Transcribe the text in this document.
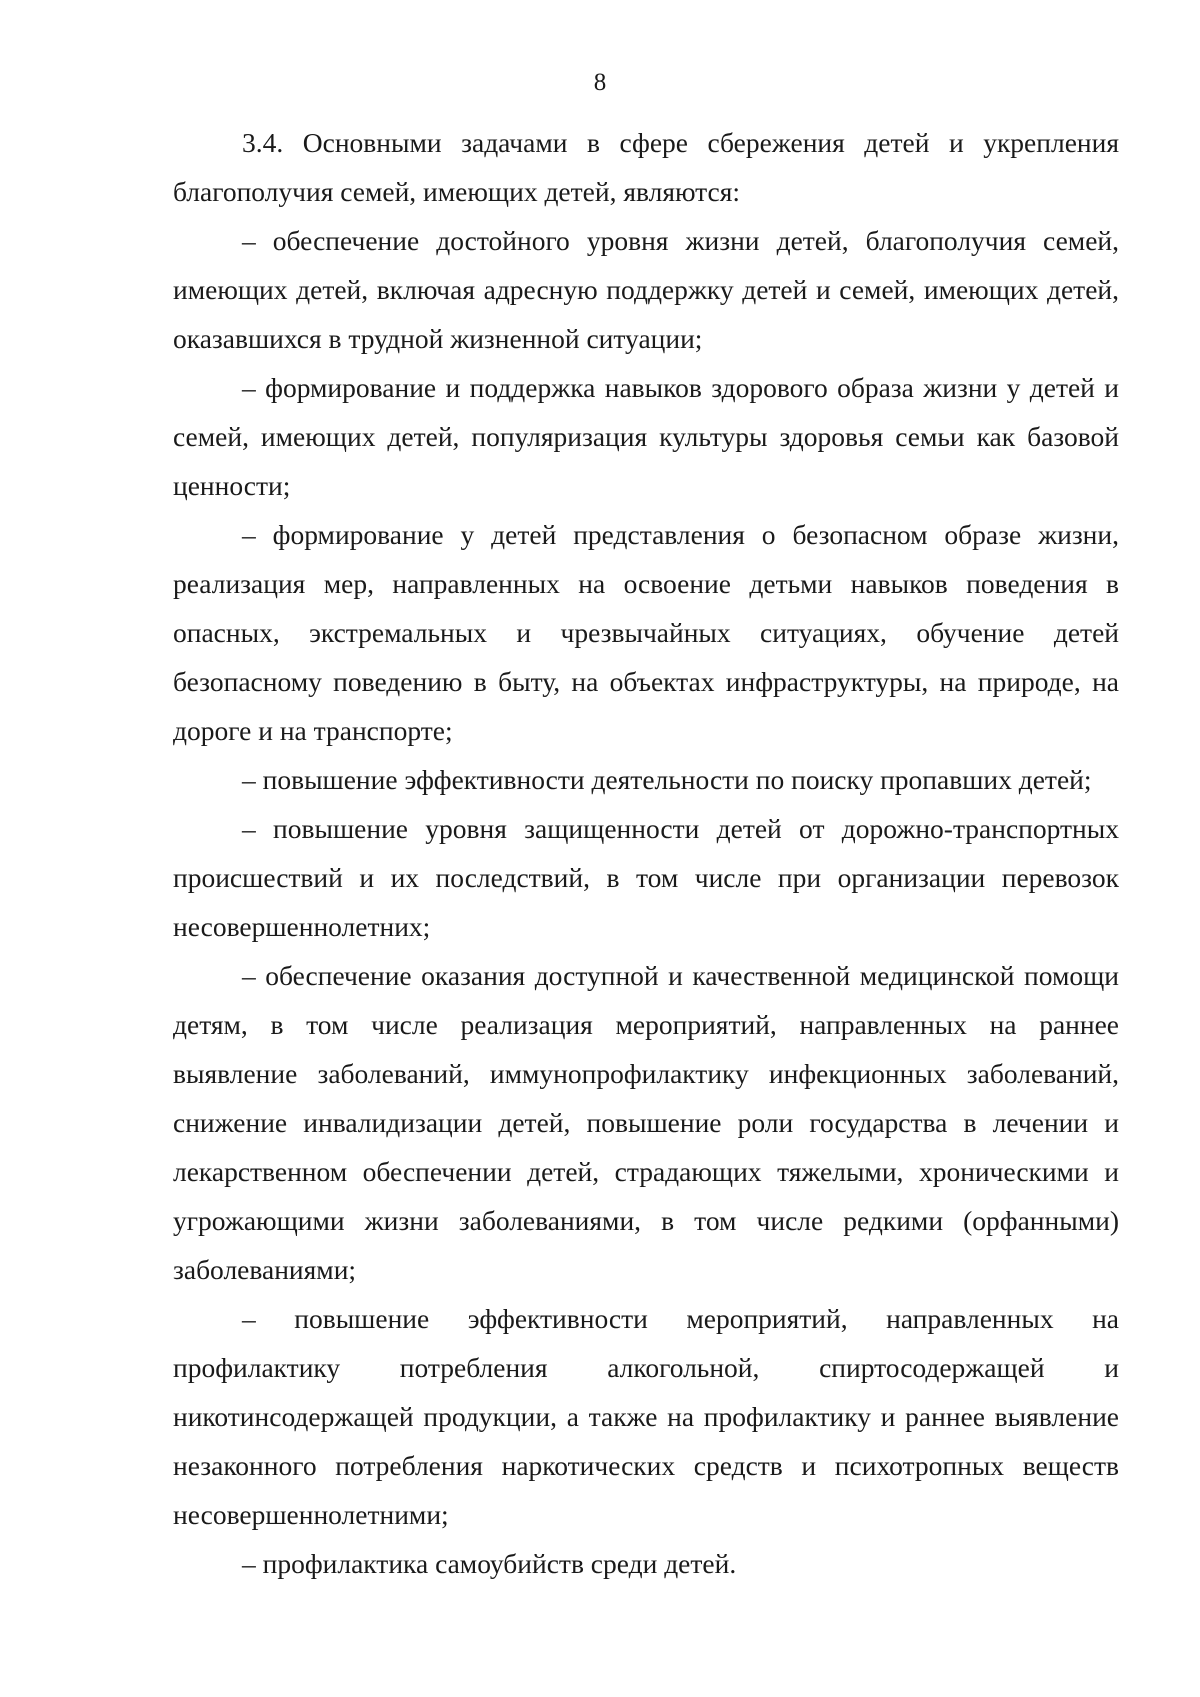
8

3.4. Основными задачами в сфере сбережения детей и укрепления благополучия семей, имеющих детей, являются:

– обеспечение достойного уровня жизни детей, благополучия семей, имеющих детей, включая адресную поддержку детей и семей, имеющих детей, оказавшихся в трудной жизненной ситуации;

– формирование и поддержка навыков здорового образа жизни у детей и семей, имеющих детей, популяризация культуры здоровья семьи как базовой ценности;

– формирование у детей представления о безопасном образе жизни, реализация мер, направленных на освоение детьми навыков поведения в опасных, экстремальных и чрезвычайных ситуациях, обучение детей безопасному поведению в быту, на объектах инфраструктуры, на природе, на дороге и на транспорте;

– повышение эффективности деятельности по поиску пропавших детей;

– повышение уровня защищенности детей от дорожно-транспортных происшествий и их последствий, в том числе при организации перевозок несовершеннолетних;

– обеспечение оказания доступной и качественной медицинской помощи детям, в том числе реализация мероприятий, направленных на раннее выявление заболеваний, иммунопрофилактику инфекционных заболеваний, снижение инвалидизации детей, повышение роли государства в лечении и лекарственном обеспечении детей, страдающих тяжелыми, хроническими и угрожающими жизни заболеваниями, в том числе редкими (орфанными) заболеваниями;

– повышение эффективности мероприятий, направленных на профилактику потребления алкогольной, спиртосодержащей и никотинсодержащей продукции, а также на профилактику и раннее выявление незаконного потребления наркотических средств и психотропных веществ несовершеннолетними;

– профилактика самоубийств среди детей.
